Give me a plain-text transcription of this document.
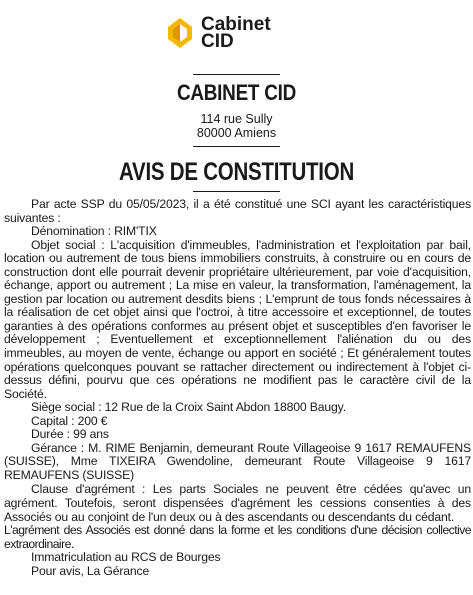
Cabinet
CID
CABINET CID
114 rue Sully
80000 Amiens
AVIS DE CONSTITUTION

Par acte SSP du 05/05/2023, il a été constitué une SCI ayant les caractéristiques suivantes :

Dénomination : RIM'TIX

Objet social : L'acquisition d'immeubles, l'administration et l'exploitation par bail, location ou autrement de tous biens immobiliers construits, à construire ou en cours de construction dont elle pourrait devenir propriétaire ultérieurement, par voie d'acquisition, échange, apport ou autrement ; La mise en valeur, la transformation, l'aménagement, la gestion par location ou autrement desdits biens ; L'emprunt de tous fonds nécessaires à la réalisation de cet objet ainsi que l'octroi, à titre accessoire et exceptionnel, de toutes garanties à des opérations conformes au présent objet et susceptibles d'en favoriser le développement ; Eventuellement et exceptionnellement l'aliénation du ou des immeubles, au moyen de vente, échange ou apport en société ; Et généralement toutes opérations quelconques pouvant se rattacher directement ou indirectement à l'objet ci-dessus défini, pourvu que ces opérations ne modifient pas le caractère civil de la Société.

Siège social : 12 Rue de la Croix Saint Abdon 18800 Baugy.

Capital : 200 €

Durée : 99 ans

Gérance : M. RIME Benjamin, demeurant Route Villageoise 9 1617 REMAUFENS (SUISSE), Mme TIXEIRA Gwendoline, demeurant Route Villageoise 9 1617 REMAUFENS (SUISSE)

Clause d'agrément : Les parts Sociales ne peuvent être cédées qu'avec un agrément. Toutefois, seront dispensées d'agrément les cessions consenties à des Associés ou au conjoint de l'un deux ou à des ascendants ou descendants du cédant.

L'agrément des Associés est donné dans la forme et les conditions d'une décision collective extraordinaire.

Immatriculation au RCS de Bourges

Pour avis, La Gérance
